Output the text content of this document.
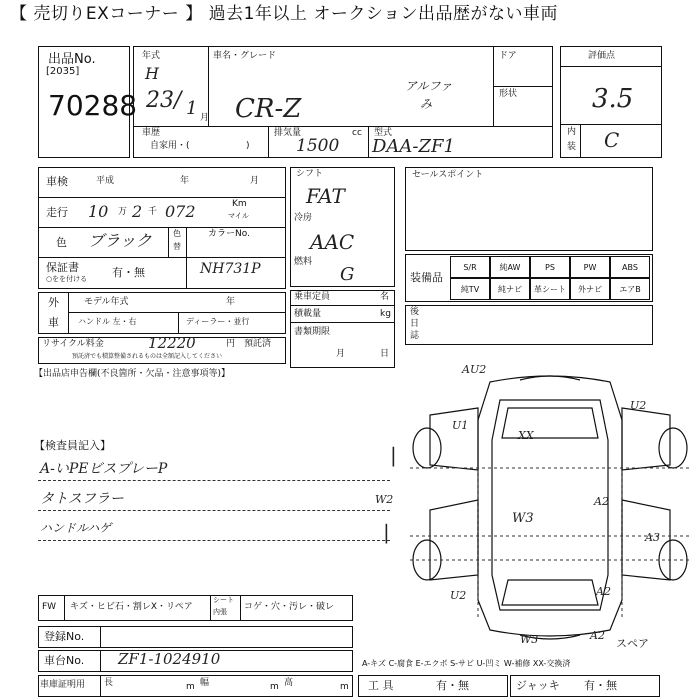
【 売切りEXコーナー 】 過去1年以上 オークション出品歴がない車両
出品No.
[2035]
70288
年式
H
23/ 1 月
車名・グレード
CR-Z
アルファ
み
ドア
形状
車歴
自家用・(	)
排気量	cc
1500
型式
DAA-ZF1
評価点
3.5
内
装 C
車検	平成	年	月
走行 10 万 2 千 072	Km
マイル
色 ブラック	色
替
カラーNo.
保証書
○をを付ける 有・無	NH731P
外
車
モデル年式	年
ハンドル 左・右	ディーラー・並行
リサイクル料金	12220	円 預託済
預託済でも積算整備されるものは全額記入してください
シフト
FAT
冷房
AAC
燃料
G
乗車定員	名
積載量	kg
書類期限
月	日
セールスポイント
装備品
S/R	純AW	PS	PW	ABS
純TV	純ナビ	革シート	外ナビ	エアB
後
日
誌
【出品店申告欄(不良箇所・欠品・注意事項等)】
【検査員記入】
A-いPEビスプレーP
タトスフラー
ハンドルハゲ
|
|
AU2
U1
XX
U2
W2	A2
W3
A3
U2	A2
W3	A2
スペア
FW キズ・ヒビ石・割レX・リペア
シート
内張 コゲ・穴・汚レ・破レ
登録No.
車台No. ZF1-1024910	A-キズ C-腐食 E-エクボ S-サビ U-凹ミ W-補修 XX-交換済
車庫証明用 長	m 幅	m 高	m 工 具	有・無	ジャッキ 有・無
